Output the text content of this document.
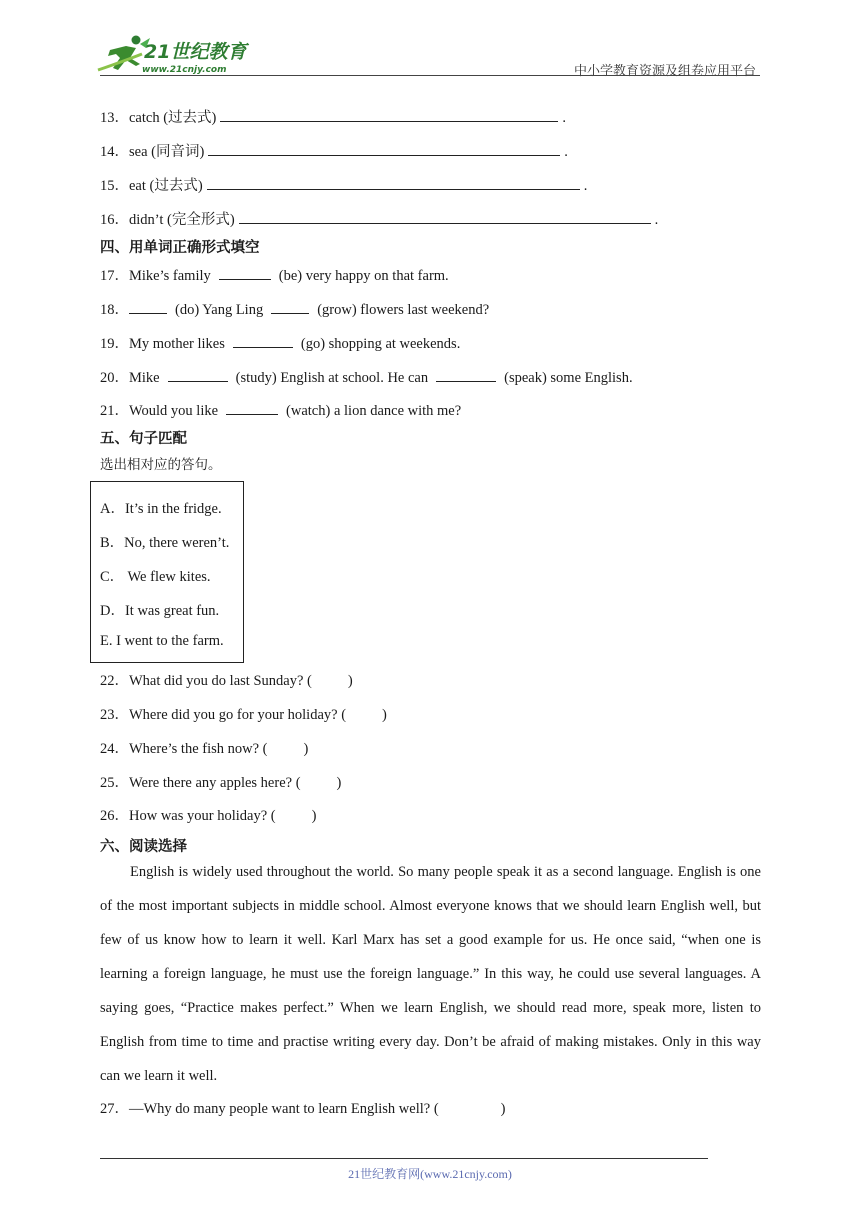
21世纪教育
www.21cnjy.com	中小学教育资源及组卷应用平台
13．catch (过去式)	.
14．sea (同音词)	.
15．eat (过去式)	.
16．didn’t (完全形式)	.
四、用单词正确形式填空
17．Mike’s family	(be) very happy on that farm.
18．	(do) Yang Ling	(grow) flowers last weekend?
19．My mother likes	(go) shopping at weekends.
20．Mike	(study) English at school. He can	(speak) some English.
21．Would you like	(watch) a lion dance with me?
五、句子匹配
选出相对应的答句。
A．It’s in the fridge.
B．No, there weren’t.
C． We flew kites.
D．It was great fun.
E. I went to the farm.
22．What did you do last Sunday? ( )
23．Where did you go for your holiday? ( )
24．Where’s the fish now? ( )
25．Were there any apples here? ( )
26．How was your holiday? ( )
六、阅读选择
English is widely used throughout the world. So many people speak it as a second language. English is one of the most important subjects in middle school. Almost everyone knows that we should learn English well, but few of us know how to learn it well. Karl Marx has set a good example for us. He once said, “when one is learning a foreign language, he must use the foreign language.” In this way, he could use several languages. A saying goes, “Practice makes perfect.” When we learn English, we should read more, speak more, listen to English from time to time and practise writing every day. Don’t be afraid of making mistakes. Only in this way can we learn it well.
27．—Why do many people want to learn English well? (	)
21世纪教育网(www.21cnjy.com)
